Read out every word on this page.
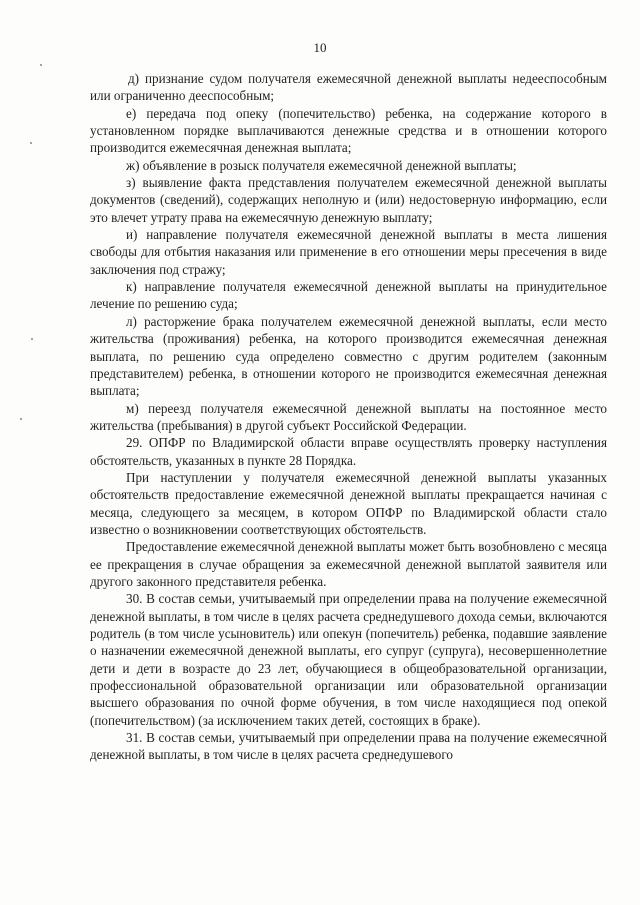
10

д) признание судом получателя ежемесячной денежной выплаты недееспособным или ограниченно дееспособным;

е) передача под опеку (попечительство) ребенка, на содержание которого в установленном порядке выплачиваются денежные средства и в отношении которого производится ежемесячная денежная выплата;

ж) объявление в розыск получателя ежемесячной денежной выплаты;

з) выявление факта представления получателем ежемесячной денежной выплаты документов (сведений), содержащих неполную и (или) недостоверную информацию, если это влечет утрату права на ежемесячную денежную выплату;

и) направление получателя ежемесячной денежной выплаты в места лишения свободы для отбытия наказания или применение в его отношении меры пресечения в виде заключения под стражу;

к) направление получателя ежемесячной денежной выплаты на принудительное лечение по решению суда;

л) расторжение брака получателем ежемесячной денежной выплаты, если место жительства (проживания) ребенка, на которого производится ежемесячная денежная выплата, по решению суда определено совместно с другим родителем (законным представителем) ребенка, в отношении которого не производится ежемесячная денежная выплата;

м) переезд получателя ежемесячной денежной выплаты на постоянное место жительства (пребывания) в другой субъект Российской Федерации.

29. ОПФР по Владимирской области вправе осуществлять проверку наступления обстоятельств, указанных в пункте 28 Порядка.

При наступлении у получателя ежемесячной денежной выплаты указанных обстоятельств предоставление ежемесячной денежной выплаты прекращается начиная с месяца, следующего за месяцем, в котором ОПФР по Владимирской области стало известно о возникновении соответствующих обстоятельств.

Предоставление ежемесячной денежной выплаты может быть возобновлено с месяца ее прекращения в случае обращения за ежемесячной денежной выплатой заявителя или другого законного представителя ребенка.

30. В состав семьи, учитываемый при определении права на получение ежемесячной денежной выплаты, в том числе в целях расчета среднедушевого дохода семьи, включаются родитель (в том числе усыновитель) или опекун (попечитель) ребенка, подавшие заявление о назначении ежемесячной денежной выплаты, его супруг (супруга), несовершеннолетние дети и дети в возрасте до 23 лет, обучающиеся в общеобразовательной организации, профессиональной образовательной организации или образовательной организации высшего образования по очной форме обучения, в том числе находящиеся под опекой (попечительством) (за исключением таких детей, состоящих в браке).

31. В состав семьи, учитываемый при определении права на получение ежемесячной денежной выплаты, в том числе в целях расчета среднедушевого
